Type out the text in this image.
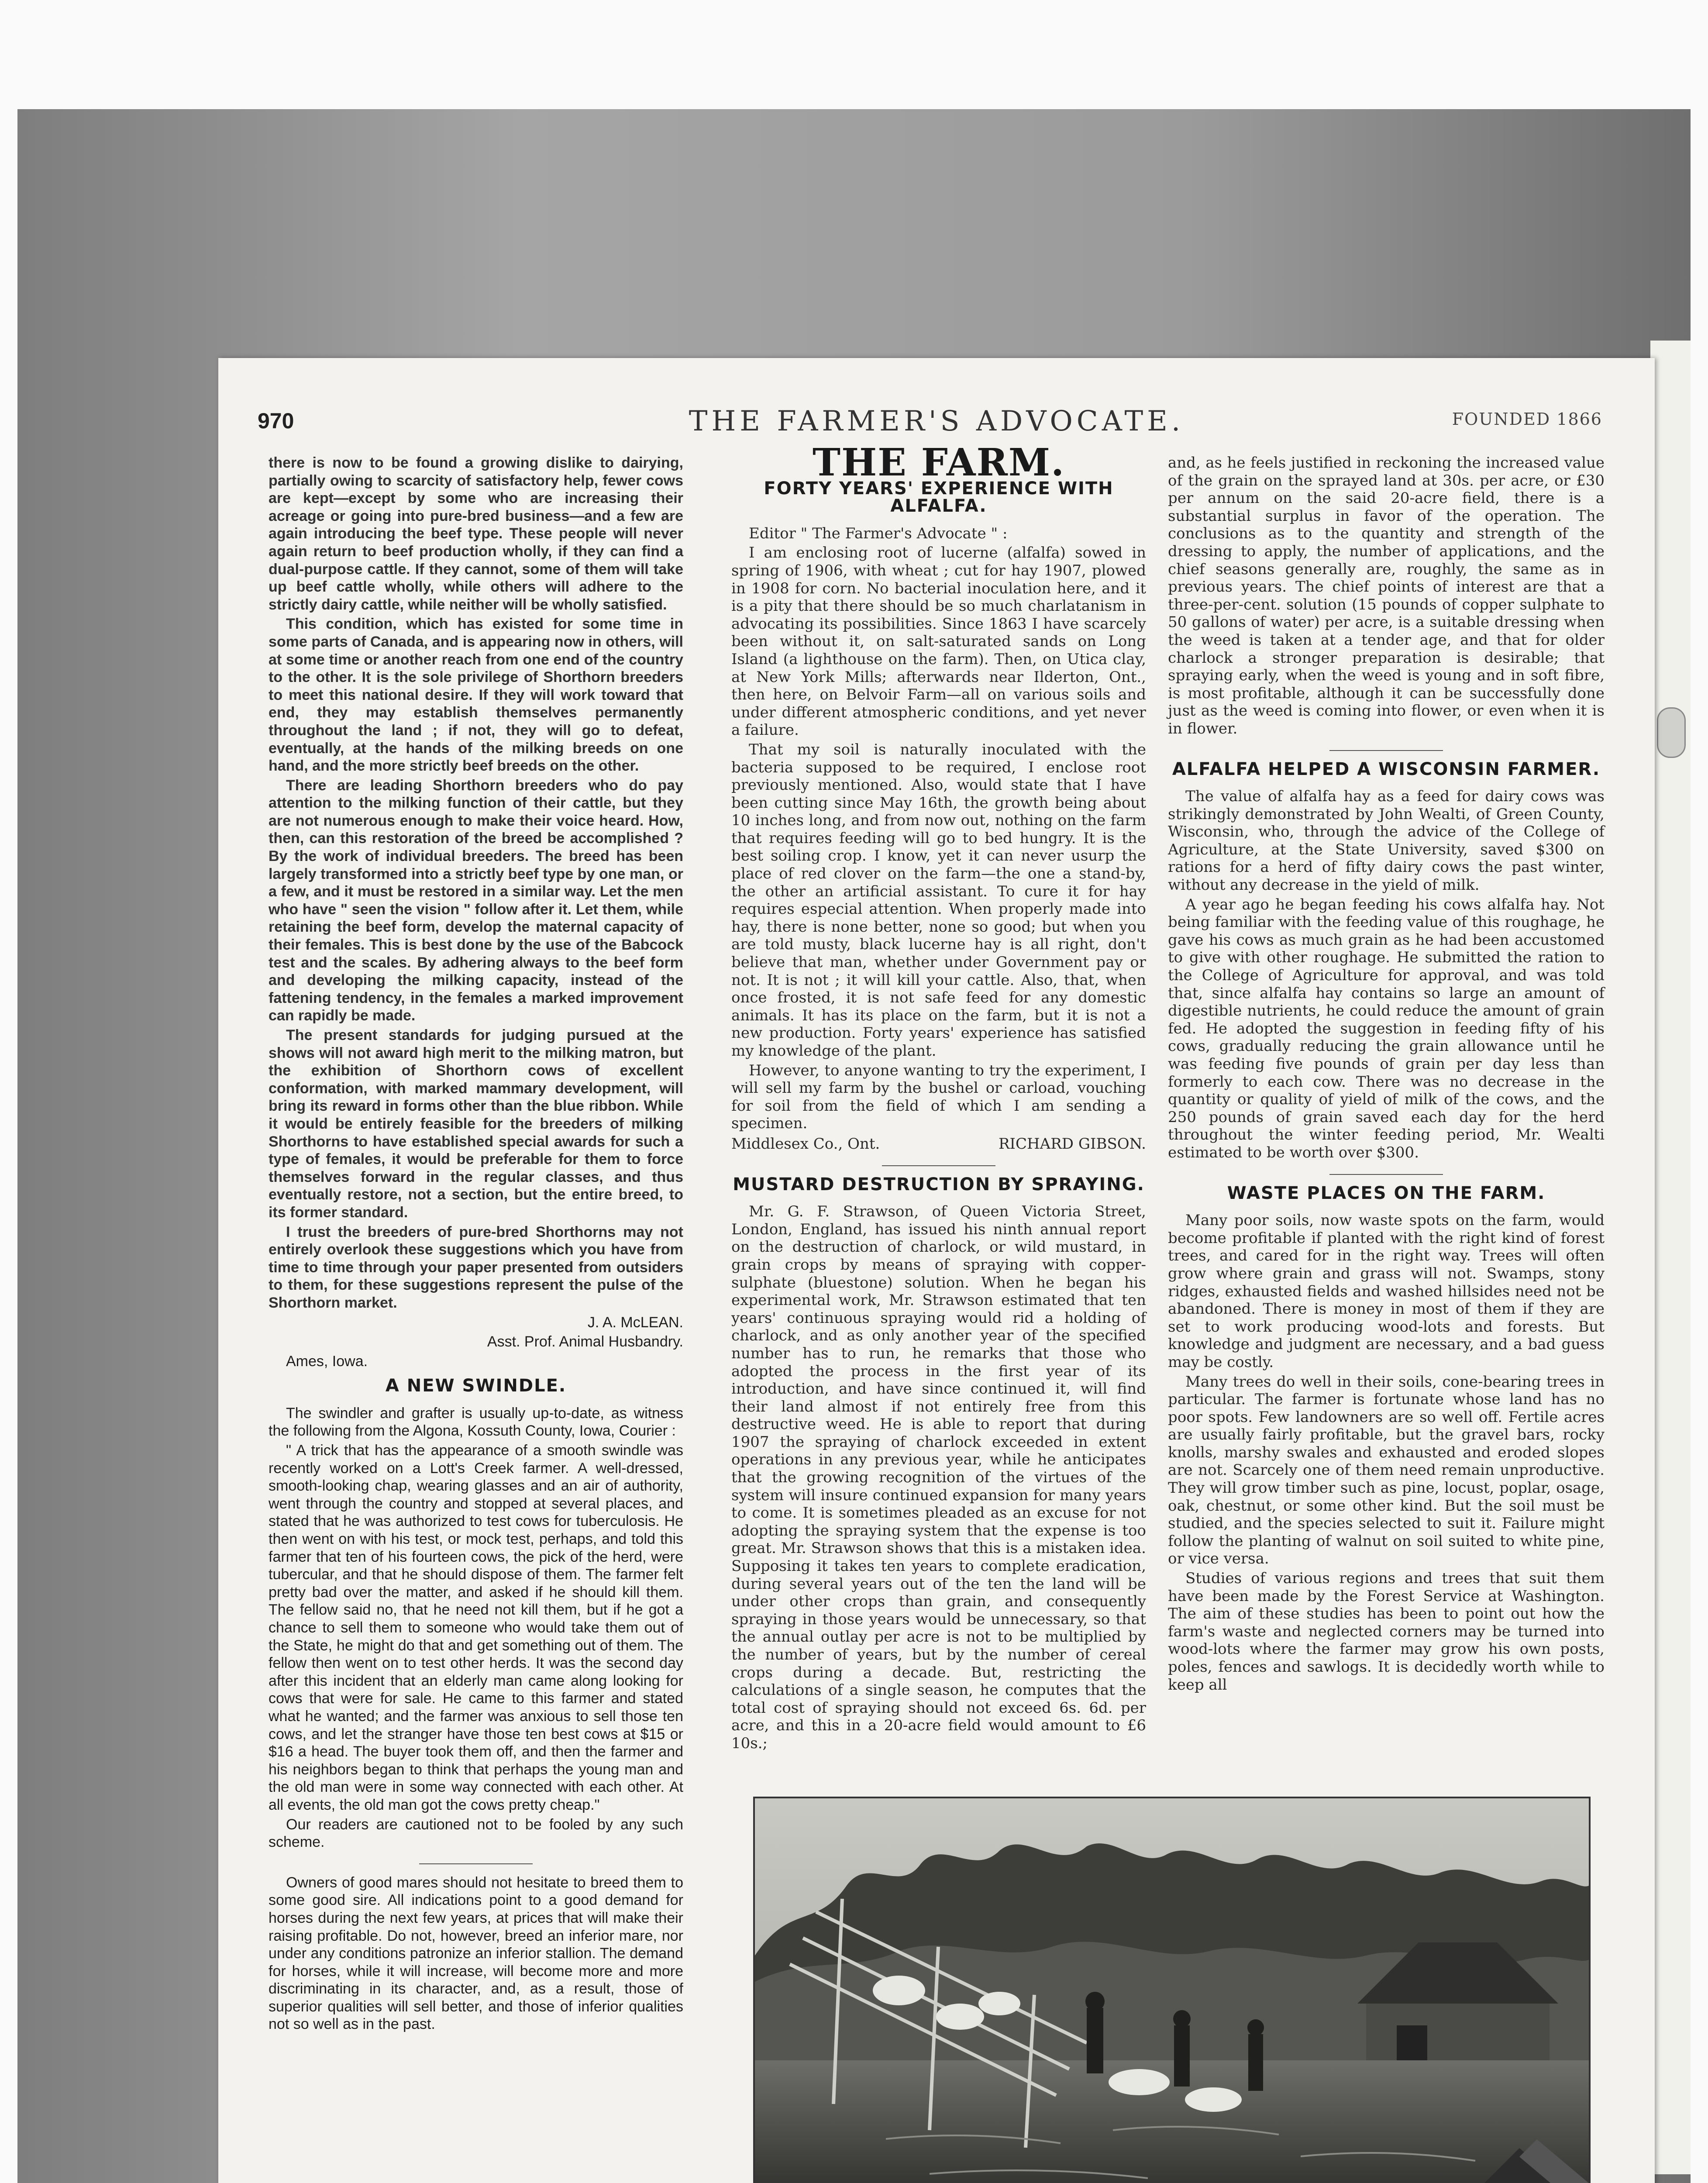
970	THE FARMER'S ADVOCATE.	FOUNDED 1866

there is now to be found a growing dislike to dairying, partially owing to scarcity of satisfactory help, fewer cows are kept—except by some who are increasing their acreage or going into pure-bred business—and a few are again introducing the beef type. These people will never again return to beef production wholly, if they can find a dual-purpose cattle. If they cannot, some of them will take up beef cattle wholly, while others will adhere to the strictly dairy cattle, while neither will be wholly satisfied.

This condition, which has existed for some time in some parts of Canada, and is appearing now in others, will at some time or another reach from one end of the country to the other. It is the sole privilege of Shorthorn breeders to meet this national desire. If they will work toward that end, they may establish themselves permanently throughout the land ; if not, they will go to defeat, eventually, at the hands of the milking breeds on one hand, and the more strictly beef breeds on the other.

There are leading Shorthorn breeders who do pay attention to the milking function of their cattle, but they are not numerous enough to make their voice heard. How, then, can this restoration of the breed be accomplished ? By the work of individual breeders. The breed has been largely transformed into a strictly beef type by one man, or a few, and it must be restored in a similar way. Let the men who have " seen the vision " follow after it. Let them, while retaining the beef form, develop the maternal capacity of their females. This is best done by the use of the Babcock test and the scales. By adhering always to the beef form and developing the milking capacity, instead of the fattening tendency, in the females a marked improvement can rapidly be made.

The present standards for judging pursued at the shows will not award high merit to the milking matron, but the exhibition of Shorthorn cows of excellent conformation, with marked mammary development, will bring its reward in forms other than the blue ribbon. While it would be entirely feasible for the breeders of milking Shorthorns to have established special awards for such a type of females, it would be preferable for them to force themselves forward in the regular classes, and thus eventually restore, not a section, but the entire breed, to its former standard.

I trust the breeders of pure-bred Shorthorns may not entirely overlook these suggestions which you have from time to time through your paper presented from outsiders to them, for these suggestions represent the pulse of the Shorthorn market.

J. A. McLEAN.

Asst. Prof. Animal Husbandry.

Ames, Iowa.

A NEW SWINDLE.

The swindler and grafter is usually up-to-date, as witness the following from the Algona, Kossuth County, Iowa, Courier :

" A trick that has the appearance of a smooth swindle was recently worked on a Lott's Creek farmer. A well-dressed, smooth-looking chap, wearing glasses and an air of authority, went through the country and stopped at several places, and stated that he was authorized to test cows for tuberculosis. He then went on with his test, or mock test, perhaps, and told this farmer that ten of his fourteen cows, the pick of the herd, were tubercular, and that he should dispose of them. The farmer felt pretty bad over the matter, and asked if he should kill them. The fellow said no, that he need not kill them, but if he got a chance to sell them to someone who would take them out of the State, he might do that and get something out of them. The fellow then went on to test other herds. It was the second day after this incident that an elderly man came along looking for cows that were for sale. He came to this farmer and stated what he wanted; and the farmer was anxious to sell those ten cows, and let the stranger have those ten best cows at $15 or $16 a head. The buyer took them off, and then the farmer and his neighbors began to think that perhaps the young man and the old man were in some way connected with each other. At all events, the old man got the cows pretty cheap."

Our readers are cautioned not to be fooled by any such scheme.

Owners of good mares should not hesitate to breed them to some good sire. All indications point to a good demand for horses during the next few years, at prices that will make their raising profitable. Do not, however, breed an inferior mare, nor under any conditions patronize an inferior stallion. The demand for horses, while it will increase, will become more and more discriminating in its character, and, as a result, those of superior qualities will sell better, and those of inferior qualities not so well as in the past.

THE FARM.
FORTY YEARS' EXPERIENCE WITH ALFALFA.

Editor " The Farmer's Advocate " :

I am enclosing root of lucerne (alfalfa) sowed in spring of 1906, with wheat ; cut for hay 1907, plowed in 1908 for corn. No bacterial inoculation here, and it is a pity that there should be so much charlatanism in advocating its possibilities. Since 1863 I have scarcely been without it, on salt-saturated sands on Long Island (a lighthouse on the farm). Then, on Utica clay, at New York Mills; afterwards near Ilderton, Ont., then here, on Belvoir Farm—all on various soils and under different atmospheric conditions, and yet never a failure.

That my soil is naturally inoculated with the bacteria supposed to be required, I enclose root previously mentioned. Also, would state that I have been cutting since May 16th, the growth being about 10 inches long, and from now out, nothing on the farm that requires feeding will go to bed hungry. It is the best soiling crop. I know, yet it can never usurp the place of red clover on the farm—the one a stand-by, the other an artificial assistant. To cure it for hay requires especial attention. When properly made into hay, there is none better, none so good; but when you are told musty, black lucerne hay is all right, don't believe that man, whether under Government pay or not. It is not ; it will kill your cattle. Also, that, when once frosted, it is not safe feed for any domestic animals. It has its place on the farm, but it is not a new production. Forty years' experience has satisfied my knowledge of the plant.

However, to anyone wanting to try the experiment, I will sell my farm by the bushel or carload, vouching for soil from the field of which I am sending a specimen.

Middlesex Co., Ont.	RICHARD GIBSON.
MUSTARD DESTRUCTION BY SPRAYING.

Mr. G. F. Strawson, of Queen Victoria Street, London, England, has issued his ninth annual report on the destruction of charlock, or wild mustard, in grain crops by means of spraying with copper-sulphate (bluestone) solution. When he began his experimental work, Mr. Strawson estimated that ten years' continuous spraying would rid a holding of charlock, and as only another year of the specified number has to run, he remarks that those who adopted the process in the first year of its introduction, and have since continued it, will find their land almost if not entirely free from this destructive weed. He is able to report that during 1907 the spraying of charlock exceeded in extent operations in any previous year, while he anticipates that the growing recognition of the virtues of the system will insure continued expansion for many years to come. It is sometimes pleaded as an excuse for not adopting the spraying system that the expense is too great. Mr. Strawson shows that this is a mistaken idea. Supposing it takes ten years to complete eradication, during several years out of the ten the land will be under other crops than grain, and consequently spraying in those years would be unnecessary, so that the annual outlay per acre is not to be multiplied by the number of years, but by the number of cereal crops during a decade. But, restricting the calculations of a single season, he computes that the total cost of spraying should not exceed 6s. 6d. per acre, and this in a 20-acre field would amount to £6 10s.;

and, as he feels justified in reckoning the increased value of the grain on the sprayed land at 30s. per acre, or £30 per annum on the said 20-acre field, there is a substantial surplus in favor of the operation. The conclusions as to the quantity and strength of the dressing to apply, the number of applications, and the chief seasons generally are, roughly, the same as in previous years. The chief points of interest are that a three-per-cent. solution (15 pounds of copper sulphate to 50 gallons of water) per acre, is a suitable dressing when the weed is taken at a tender age, and that for older charlock a stronger preparation is desirable; that spraying early, when the weed is young and in soft fibre, is most profitable, although it can be successfully done just as the weed is coming into flower, or even when it is in flower.

ALFALFA HELPED A WISCONSIN FARMER.

The value of alfalfa hay as a feed for dairy cows was strikingly demonstrated by John Wealti, of Green County, Wisconsin, who, through the advice of the College of Agriculture, at the State University, saved $300 on rations for a herd of fifty dairy cows the past winter, without any decrease in the yield of milk.

A year ago he began feeding his cows alfalfa hay. Not being familiar with the feeding value of this roughage, he gave his cows as much grain as he had been accustomed to give with other roughage. He submitted the ration to the College of Agriculture for approval, and was told that, since alfalfa hay contains so large an amount of digestible nutrients, he could reduce the amount of grain fed. He adopted the suggestion in feeding fifty of his cows, gradually reducing the grain allowance until he was feeding five pounds of grain per day less than formerly to each cow. There was no decrease in the quantity or quality of yield of milk of the cows, and the 250 pounds of grain saved each day for the herd throughout the winter feeding period, Mr. Wealti estimated to be worth over $300.

WASTE PLACES ON THE FARM.

Many poor soils, now waste spots on the farm, would become profitable if planted with the right kind of forest trees, and cared for in the right way. Trees will often grow where grain and grass will not. Swamps, stony ridges, exhausted fields and washed hillsides need not be abandoned. There is money in most of them if they are set to work producing wood-lots and forests. But knowledge and judgment are necessary, and a bad guess may be costly.

Many trees do well in their soils, cone-bearing trees in particular. The farmer is fortunate whose land has no poor spots. Few landowners are so well off. Fertile acres are usually fairly profitable, but the gravel bars, rocky knolls, marshy swales and exhausted and eroded slopes are not. Scarcely one of them need remain unproductive. They will grow timber such as pine, locust, poplar, osage, oak, chestnut, or some other kind. But the soil must be studied, and the species selected to suit it. Failure might follow the planting of walnut on soil suited to white pine, or vice versa.

Studies of various regions and trees that suit them have been made by the Forest Service at Washington. The aim of these studies has been to point out how the farm's waste and neglected corners may be turned into wood-lots where the farmer may grow his own posts, poles, fences and sawlogs. It is decidedly worth while to keep all
